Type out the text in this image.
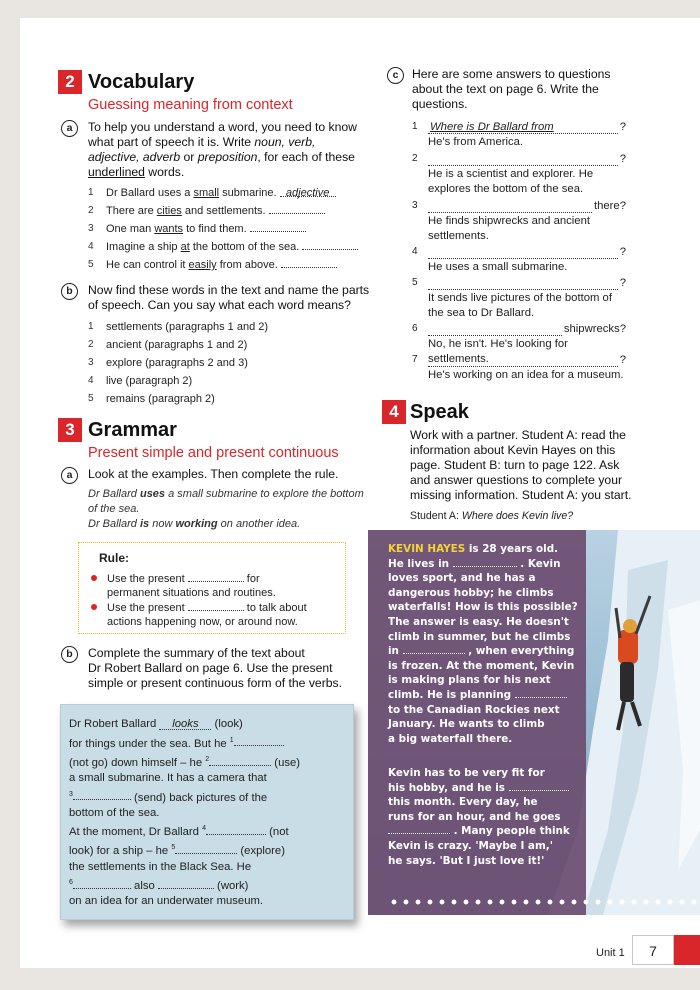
2 Vocabulary
Guessing meaning from context
a	To help you understand a word, you need to know
what part of speech it is. Write noun, verb,
adjective, adverb or preposition, for each of these
underlined words.
1 Dr Ballard uses a small submarine. adjective
2 There are cities and settlements.
3 One man wants to find them.
4 Imagine a ship at the bottom of the sea.
5 He can control it easily from above.
b	Now find these words in the text and name the parts
of speech. Can you say what each word means?
1 settlements (paragraphs 1 and 2)
2 ancient (paragraphs 1 and 2)
3 explore (paragraphs 2 and 3)
4 live (paragraph 2)
5 remains (paragraph 2)
3 Grammar
Present simple and present continuous
a	Look at the examples. Then complete the rule.
Dr Ballard uses a small submarine to explore the bottom
of the sea.
Dr Ballard is now working on another idea.
Rule:
Use the present	for
permanent situations and routines.
Use the present	to talk about
actions happening now, or around now.
b	Complete the summary of the text about
Dr Robert Ballard on page 6. Use the present
simple or present continuous form of the verbs.
Dr Robert Ballard looks (look)
for things under the sea. But he $^1$
(not go) down himself – he $^2$	(use)
a small submarine. It has a camera that
$^3$	(send) back pictures of the
bottom of the sea.
At the moment, Dr Ballard $^4$	(not
look) for a ship – he $^5$	(explore)
the settlements in the Black Sea. He
$^6$	also	(work)
on an idea for an underwater museum.
c	Here are some answers to questions
about the text on page 6. Write the
questions.
1 Where is Dr Ballard from	?
He's from America.
2	?
He is a scientist and explorer. He explores the bottom of the sea.
3	there?
He finds shipwrecks and ancient settlements.
4	?
He uses a small submarine.
5	?
It sends live pictures of the bottom of the sea to Dr Ballard.
6	shipwrecks?
No, he isn't. He's looking for settlements.
7	?
He's working on an idea for a museum.
4 Speak
Work with a partner. Student A: read the
information about Kevin Hayes on this
page. Student B: turn to page 122. Ask
and answer questions to complete your
missing information. Student A: you start.
Student A: Where does Kevin live?
KEVIN HAYES is 28 years old.
He lives in	. Kevin
loves sport, and he has a
dangerous hobby; he climbs
waterfalls! How is this possible?
The answer is easy. He doesn't
climb in summer, but he climbs
in	, when everything
is frozen. At the moment, Kevin
is making plans for his next
climb. He is planning
to the Canadian Rockies next
January. He wants to climb
a big waterfall there.
Kevin has to be very fit for
his hobby, and he is
this month. Every day, he
runs for an hour, and he goes
. Many people think
Kevin is crazy. 'Maybe I am,'
he says. 'But I just love it!'
Unit 1	7
